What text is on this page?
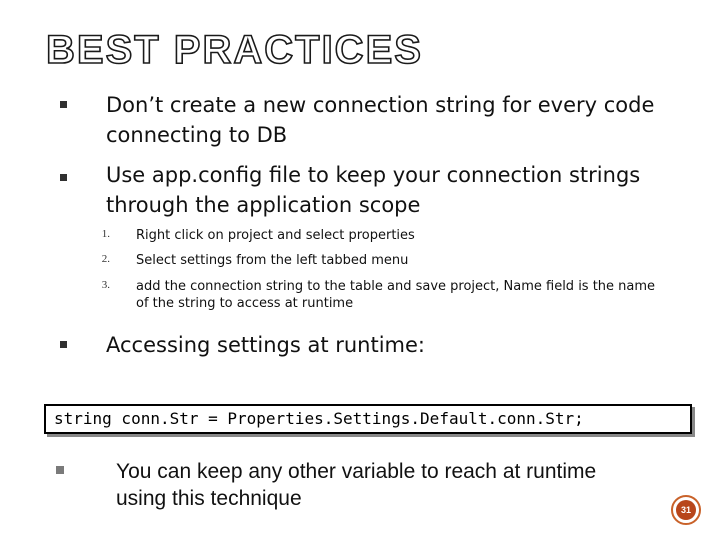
BEST PRACTICES
Don’t create a new connection string for every code connecting to DB
Use app.config file to keep your connection strings through the application scope
1. Right click on project and select properties
2. Select settings from the left tabbed menu
3. add the connection string to the table and save project, Name field is the name of the string to access at runtime
Accessing settings at runtime:
string conn.Str = Properties.Settings.Default.conn.Str;
You can keep any other variable to reach at runtime using this technique	31
